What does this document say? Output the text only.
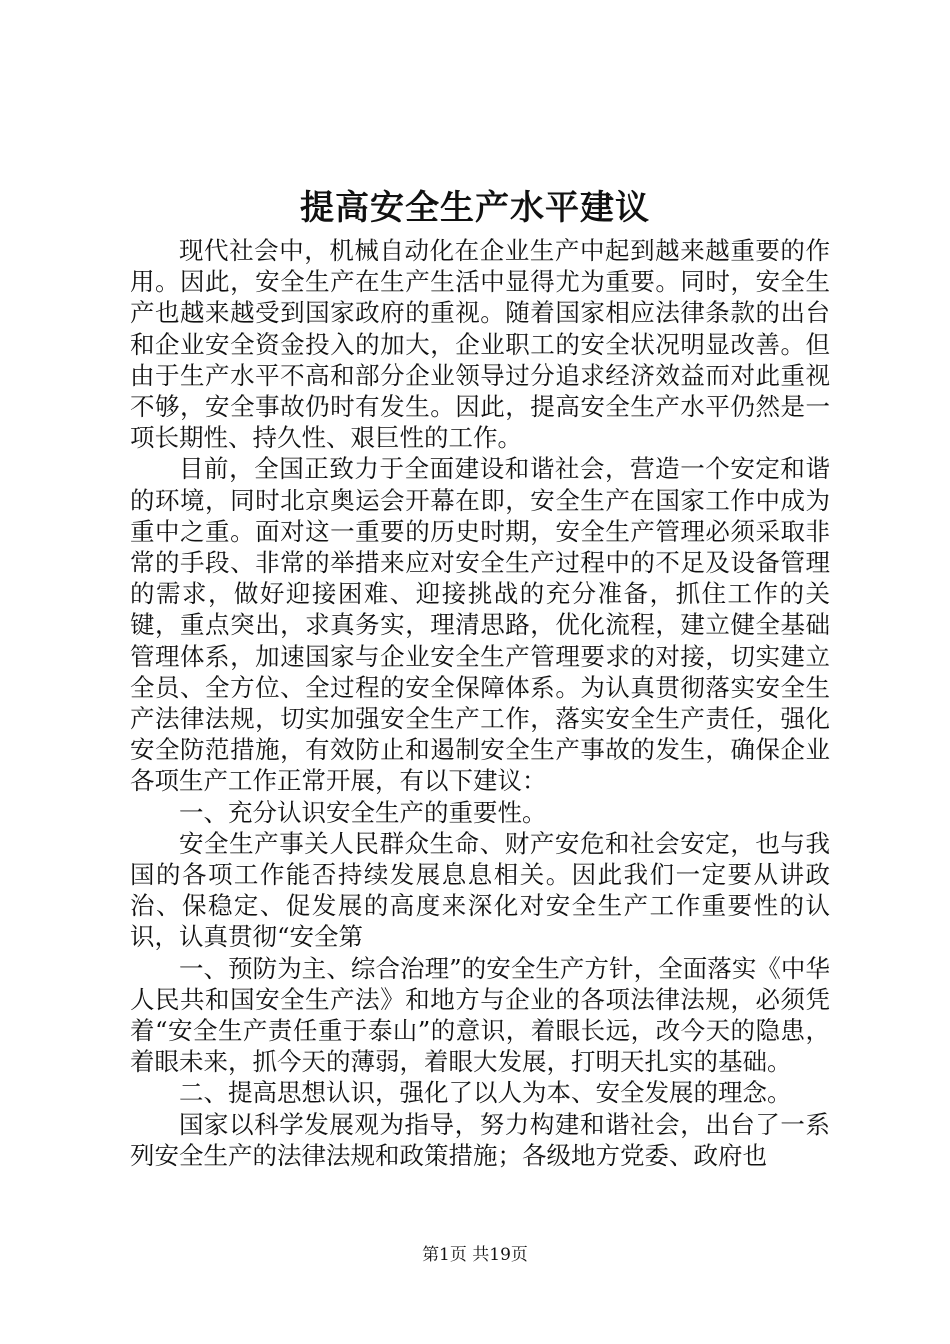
提高安全生产水平建议

现代社会中，机械自动化在企业生产中起到越来越重要的作用。因此，安全生产在生产生活中显得尤为重要。同时，安全生产也越来越受到国家政府的重视。随着国家相应法律条款的出台和企业安全资金投入的加大，企业职工的安全状况明显改善。但由于生产水平不高和部分企业领导过分追求经济效益而对此重视不够，安全事故仍时有发生。因此，提高安全生产水平仍然是一项长期性、持久性、艰巨性的工作。

目前，全国正致力于全面建设和谐社会，营造一个安定和谐的环境，同时北京奥运会开幕在即，安全生产在国家工作中成为重中之重。面对这一重要的历史时期，安全生产管理必须采取非常的手段、非常的举措来应对安全生产过程中的不足及设备管理的需求，做好迎接困难、迎接挑战的充分准备，抓住工作的关键，重点突出，求真务实，理清思路，优化流程，建立健全基础管理体系，加速国家与企业安全生产管理要求的对接，切实建立全员、全方位、全过程的安全保障体系。为认真贯彻落实安全生产法律法规，切实加强安全生产工作，落实安全生产责任，强化安全防范措施，有效防止和遏制安全生产事故的发生，确保企业各项生产工作正常开展，有以下建议：

一、充分认识安全生产的重要性。

安全生产事关人民群众生命、财产安危和社会安定，也与我国的各项工作能否持续发展息息相关。因此我们一定要从讲政治、保稳定、促发展的高度来深化对安全生产工作重要性的认识，认真贯彻“安全第

一、预防为主、综合治理”的安全生产方针，全面落实《中华人民共和国安全生产法》和地方与企业的各项法律法规，必须凭着“安全生产责任重于泰山”的意识，着眼长远，改今天的隐患，着眼未来，抓今天的薄弱，着眼大发展，打明天扎实的基础。

二、提高思想认识，强化了以人为本、安全发展的理念。

国家以科学发展观为指导，努力构建和谐社会，出台了一系列安全生产的法律法规和政策措施；各级地方党委、政府也

第1页 共19页
